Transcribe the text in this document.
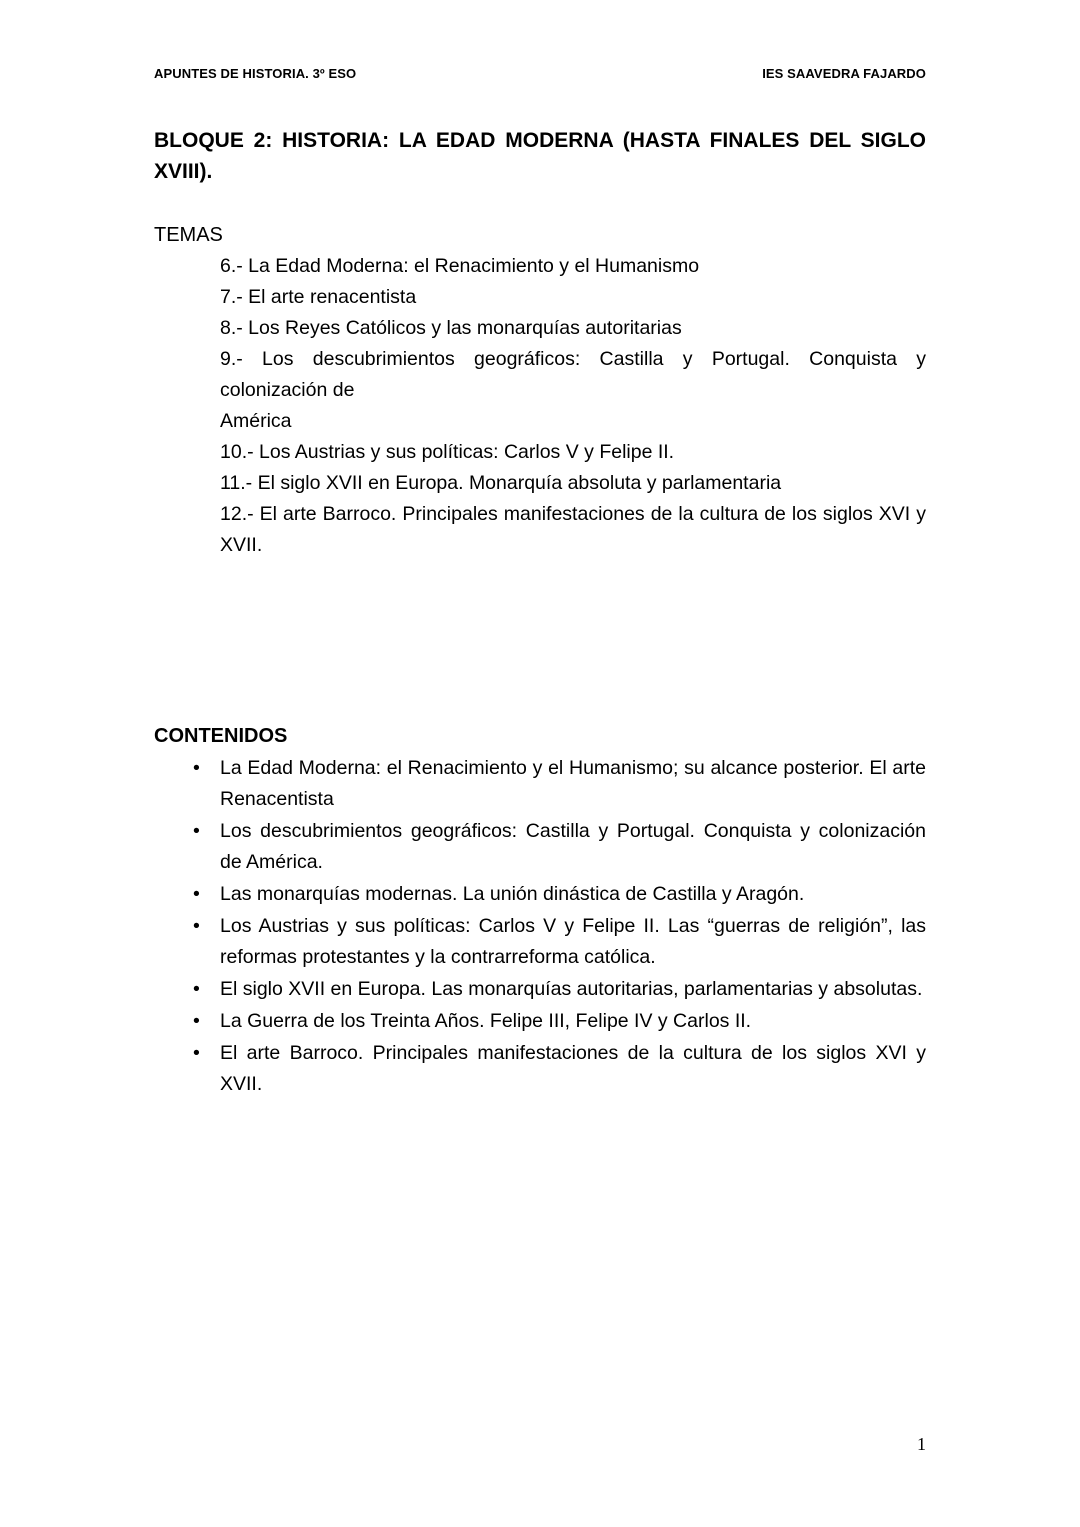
APUNTES DE HISTORIA. 3º ESO	IES SAAVEDRA FAJARDO
BLOQUE 2: HISTORIA: LA EDAD MODERNA (HASTA FINALES DEL SIGLO XVIII).
TEMAS

6.- La Edad Moderna: el Renacimiento y el Humanismo

7.- El arte renacentista

8.- Los Reyes Católicos y las monarquías autoritarias

9.- Los descubrimientos geográficos: Castilla y Portugal. Conquista y colonización de

América

10.- Los Austrias y sus políticas: Carlos V y Felipe II.

11.- El siglo XVII en Europa. Monarquía absoluta y parlamentaria

12.- El arte Barroco. Principales manifestaciones de la cultura de los siglos XVI y XVII.

CONTENIDOS
• La Edad Moderna: el Renacimiento y el Humanismo; su alcance posterior. El arte Renacentista
• Los descubrimientos geográficos: Castilla y Portugal. Conquista y colonización de América.
• Las monarquías modernas. La unión dinástica de Castilla y Aragón.
• Los Austrias y sus políticas: Carlos V y Felipe II. Las “guerras de religión”, las reformas protestantes y la contrarreforma católica.
• El siglo XVII en Europa. Las monarquías autoritarias, parlamentarias y absolutas.
• La Guerra de los Treinta Años. Felipe III, Felipe IV y Carlos II.
• El arte Barroco. Principales manifestaciones de la cultura de los siglos XVI y XVII.
1
